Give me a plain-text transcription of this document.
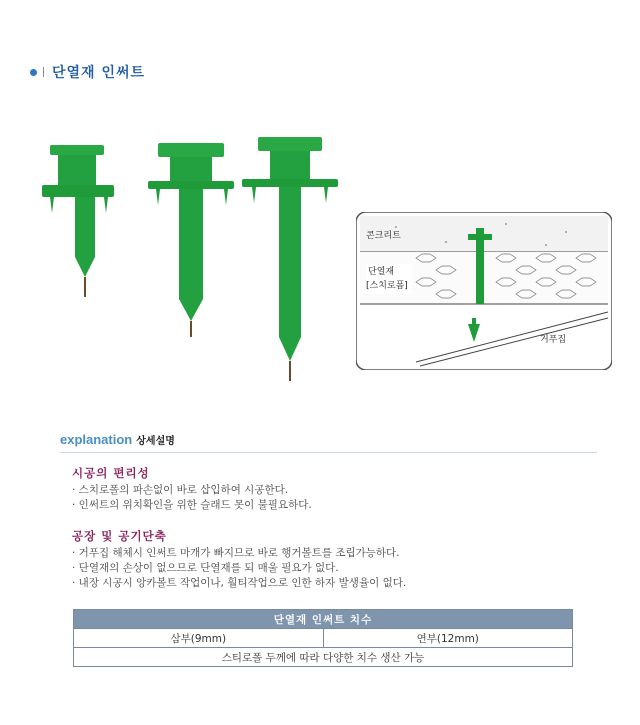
단열재 인써트
콘크리트
단열재
[스치로폼]
거푸집
explanation 상세설명
시공의 편리성
· 스치로폴의 파손없이 바로 삽입하여 시공한다.
· 인써트의 위치확인을 위한 슬래드 못이 불필요하다.
공장 및 공기단축
· 거푸집 해체시 인써트 마개가 빠지므로 바로 행거볼트를 조립가능하다.
· 단열재의 손상이 없으므로 단열재를 되 매울 필요가 없다.
· 내장 시공시 앙카볼트 작업이나, 훨티작업으로 인한 하자 발생율이 없다.
단열재 인써트 치수
삼부(9mm)	연부(12mm)
스티로폴 두께에 따라 다양한 치수 생산 가능
